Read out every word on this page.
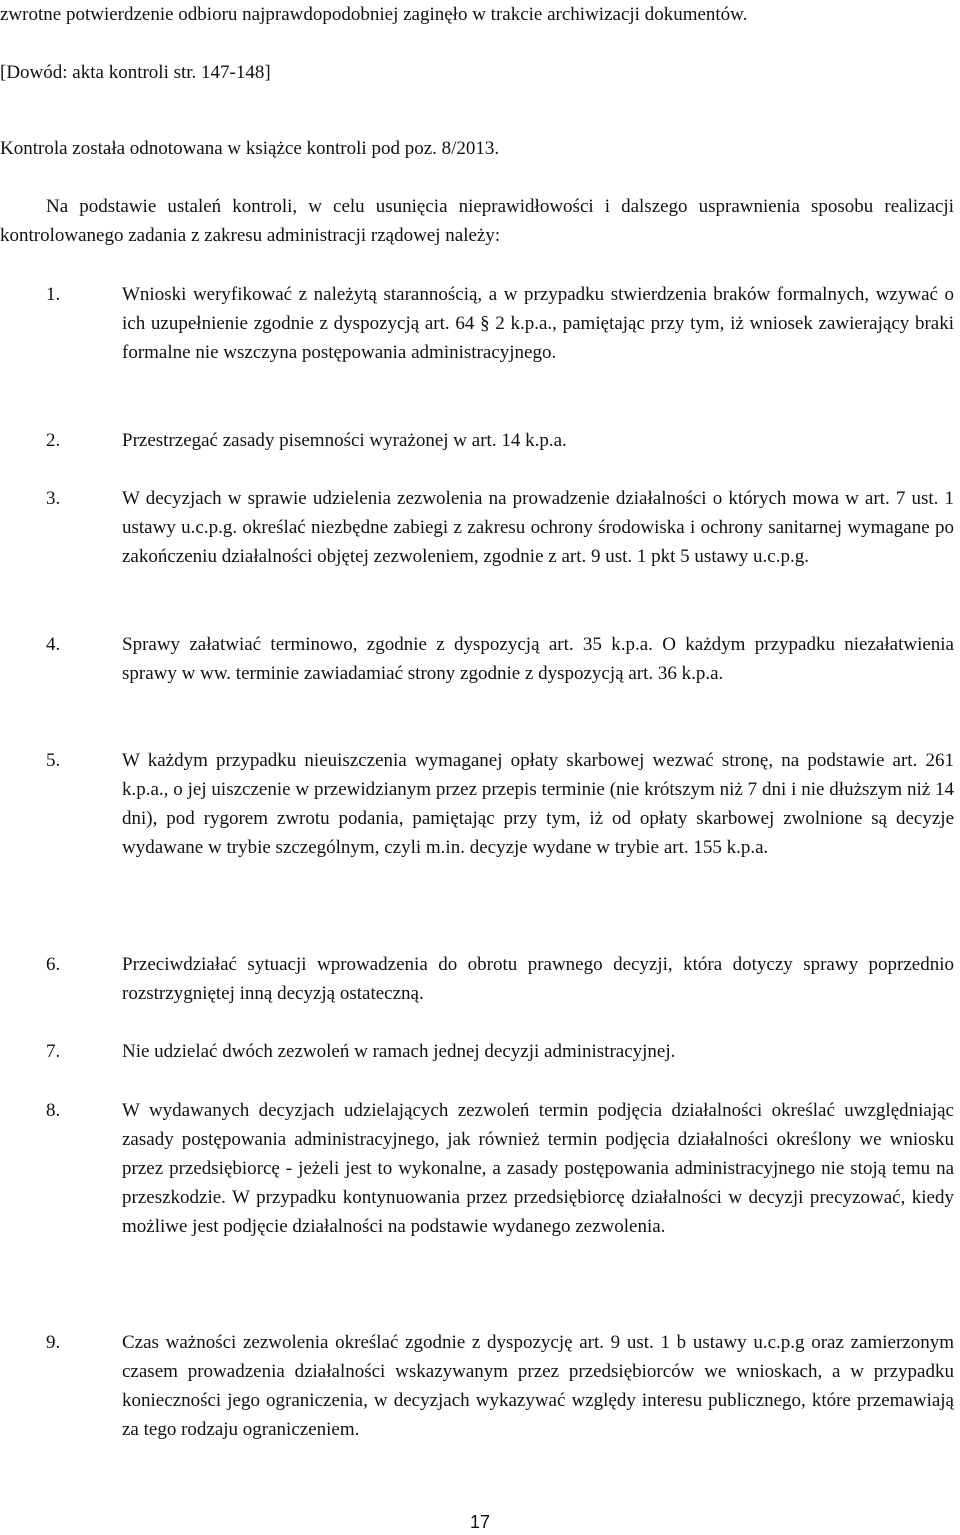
zwrotne potwierdzenie odbioru najprawdopodobniej zaginęło w trakcie archiwizacji dokumentów.

[Dowód: akta kontroli str. 147-148]

Kontrola została odnotowana w książce kontroli pod poz. 8/2013.

Na podstawie ustaleń kontroli, w celu usunięcia nieprawidłowości i dalszego usprawnienia sposobu realizacji kontrolowanego zadania z zakresu administracji rządowej należy:

1.	Wnioski weryfikować z należytą starannością, a w przypadku stwierdzenia braków formalnych, wzywać o ich uzupełnienie zgodnie z dyspozycją art. 64 § 2 k.p.a., pamiętając przy tym, iż wniosek zawierający braki formalne nie wszczyna postępowania administracyjnego.
2.	Przestrzegać zasady pisemności wyrażonej w art. 14 k.p.a.
3.	W decyzjach w sprawie udzielenia zezwolenia na prowadzenie działalności o których mowa w art. 7 ust. 1 ustawy u.c.p.g. określać niezbędne zabiegi z zakresu ochrony środowiska i ochrony sanitarnej wymagane po zakończeniu działalności objętej zezwoleniem, zgodnie z art. 9 ust. 1 pkt 5 ustawy u.c.p.g.
4.	Sprawy załatwiać terminowo, zgodnie z dyspozycją art. 35 k.p.a. O każdym przypadku niezałatwienia sprawy w ww. terminie zawiadamiać strony zgodnie z dyspozycją art. 36 k.p.a.
5.	W każdym przypadku nieuiszczenia wymaganej opłaty skarbowej wezwać stronę, na podstawie art. 261 k.p.a., o jej uiszczenie w przewidzianym przez przepis terminie (nie krótszym niż 7 dni i nie dłuższym niż 14 dni), pod rygorem zwrotu podania, pamiętając przy tym, iż od opłaty skarbowej zwolnione są decyzje wydawane w trybie szczególnym, czyli m.in. decyzje wydane w trybie art. 155 k.p.a.
6.	Przeciwdziałać sytuacji wprowadzenia do obrotu prawnego decyzji, która dotyczy sprawy poprzednio rozstrzygniętej inną decyzją ostateczną.
7.	Nie udzielać dwóch zezwoleń w ramach jednej decyzji administracyjnej.
8.	W wydawanych decyzjach udzielających zezwoleń termin podjęcia działalności określać uwzględniając zasady postępowania administracyjnego, jak również termin podjęcia działalności określony we wniosku przez przedsiębiorcę - jeżeli jest to wykonalne, a zasady postępowania administracyjnego nie stoją temu na przeszkodzie. W przypadku kontynuowania przez przedsiębiorcę działalności w decyzji precyzować, kiedy możliwe jest podjęcie działalności na podstawie wydanego zezwolenia.
9.	Czas ważności zezwolenia określać zgodnie z dyspozycję art. 9 ust. 1 b ustawy u.c.p.g oraz zamierzonym czasem prowadzenia działalności wskazywanym przez przedsiębiorców we wnioskach, a w przypadku konieczności jego ograniczenia, w decyzjach wykazywać względy interesu publicznego, które przemawiają za tego rodzaju ograniczeniem.
17
